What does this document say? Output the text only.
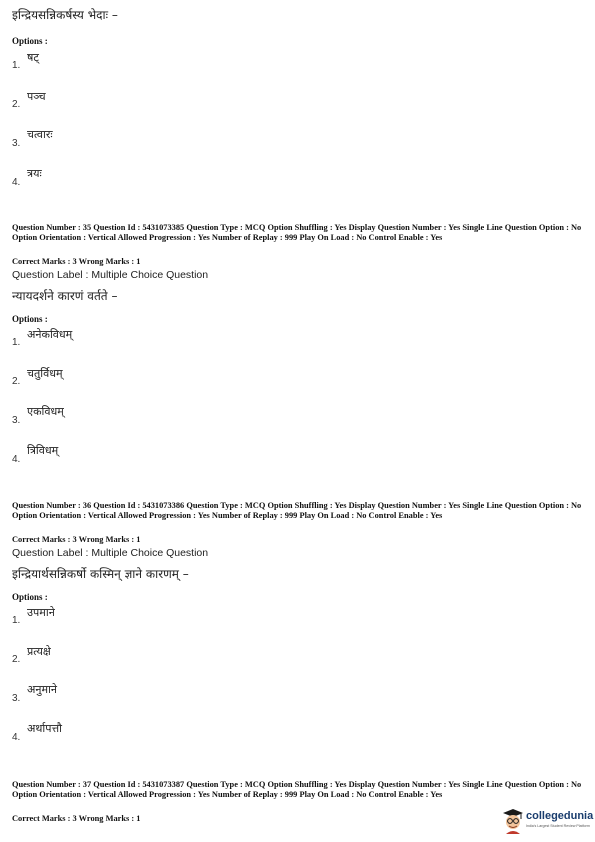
इन्द्रियसन्निकर्षस्य भेदाः –
Options :
1.
षट्
2.
पञ्च
3.
चत्वारः
4.
त्रयः
Question Number : 35 Question Id : 5431073385 Question Type : MCQ Option Shuffling : Yes Display Question Number : Yes Single Line Question Option : No Option Orientation : Vertical Allowed Progression : Yes Number of Replay : 999 Play On Load : No Control Enable : Yes
Correct Marks : 3 Wrong Marks : 1
Question Label : Multiple Choice Question
न्यायदर्शने कारणं वर्तते –
Options :
1.
अनेकविधम्
2.
चतुर्विधम्
3.
एकविधम्
4.
त्रिविधम्
Question Number : 36 Question Id : 5431073386 Question Type : MCQ Option Shuffling : Yes Display Question Number : Yes Single Line Question Option : No Option Orientation : Vertical Allowed Progression : Yes Number of Replay : 999 Play On Load : No Control Enable : Yes
Correct Marks : 3 Wrong Marks : 1
Question Label : Multiple Choice Question
इन्द्रियार्थसन्निकर्षो कस्मिन् ज्ञाने कारणम् –
Options :
1.
उपमाने
2.
प्रत्यक्षे
3.
अनुमाने
4.
अर्थापत्तौ
Question Number : 37 Question Id : 5431073387 Question Type : MCQ Option Shuffling : Yes Display Question Number : Yes Single Line Question Option : No Option Orientation : Vertical Allowed Progression : Yes Number of Replay : 999 Play On Load : No Control Enable : Yes
Correct Marks : 3 Wrong Marks : 1	collegedunia
India's Largest Student Review Platform
